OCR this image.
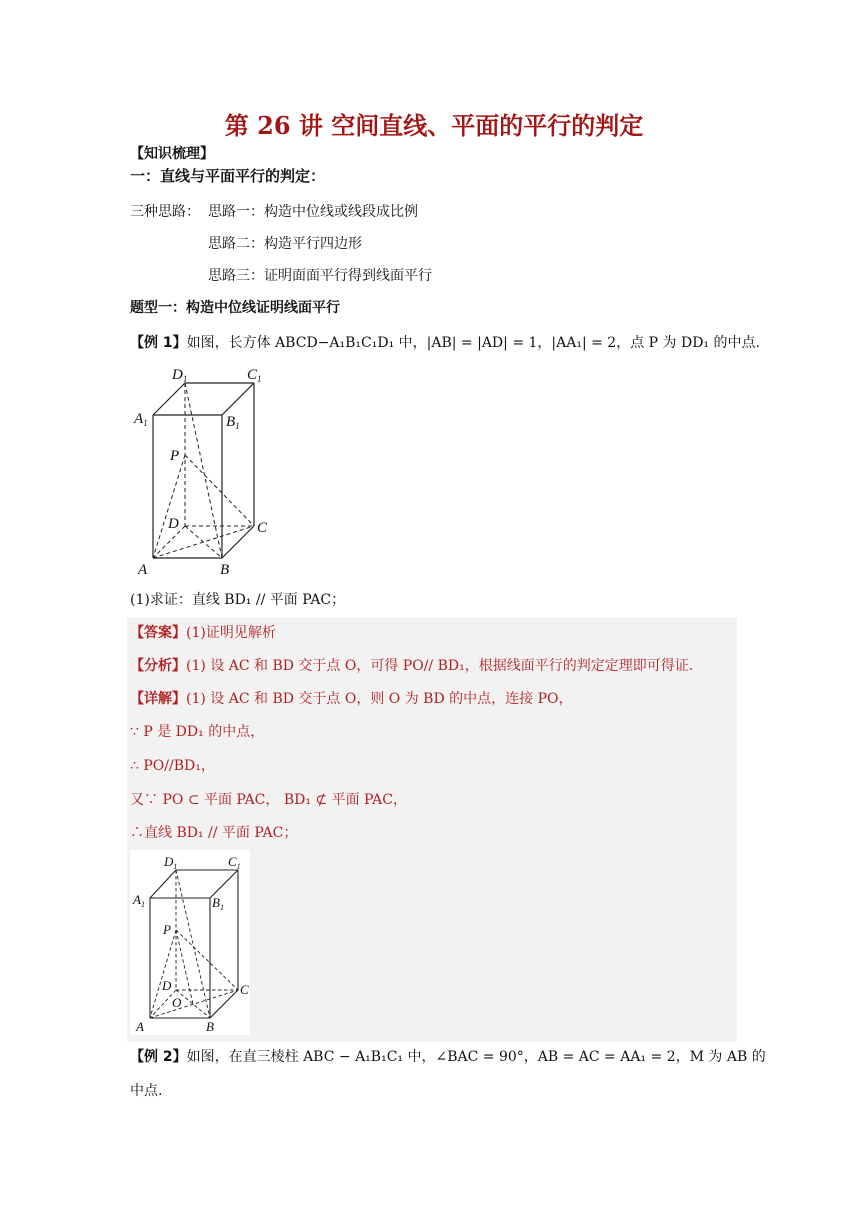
第 26 讲 空间直线、平面的平行的判定
【知识梳理】
一：直线与平面平行的判定：
三种思路： 思路一：构造中位线或线段成比例
思路二：构造平行四边形
思路三：证明面面平行得到线面平行
题型一：构造中位线证明线面平行
【例 1】如图，长方体 ABCD−A₁B₁C₁D₁ 中，|AB| = |AD| = 1，|AA₁| = 2，点 P 为 DD₁ 的中点.
$D_1$	$C_1$
$A_1$	$B_1$
P
D	C
A	B
(1)求证：直线 BD₁ // 平面 PAC；
【答案】(1)证明见解析
【分析】(1) 设 AC 和 BD 交于点 O，可得 PO// BD₁，根据线面平行的判定定理即可得证.
【详解】(1) 设 AC 和 BD 交于点 O，则 O 为 BD 的中点，连接 PO，
∵ P 是 DD₁ 的中点，
∴ PO//BD₁，
又∵ PO ⊂ 平面 PAC， BD₁ ⊄ 平面 PAC，
∴直线 BD₁ // 平面 PAC；
$D_1$	$C_1$
$A_1$	$B_1$
P
D	C
O
A	B
【例 2】如图，在直三棱柱 ABC − A₁B₁C₁ 中，∠BAC = 90°，AB = AC = AA₁ = 2，M 为 AB 的
中点.
